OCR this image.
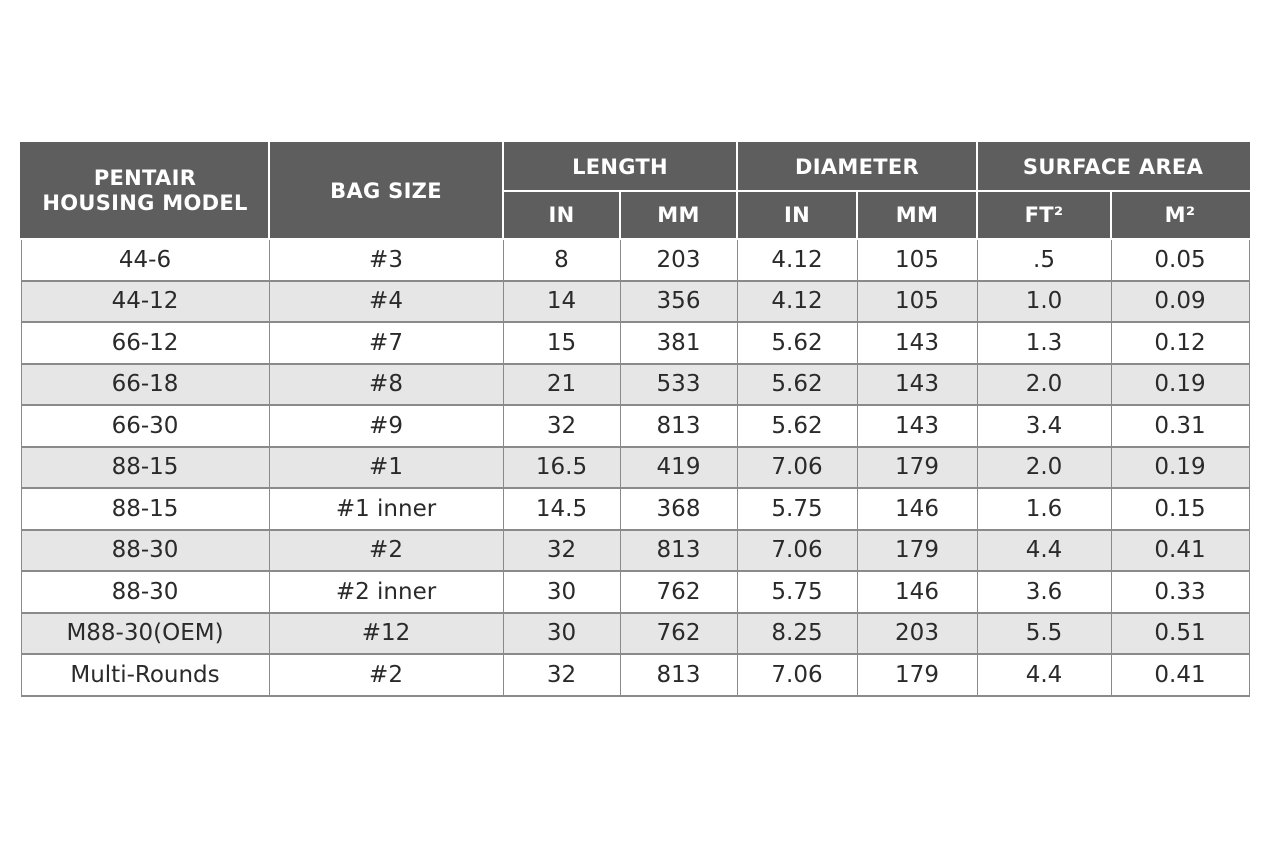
PENTAIR
HOUSING MODEL	BAG SIZE	LENGTH		DIAMETER		SURFACE AREA	
		IN	MM	IN	MM	FT²	M²
44-6	#3	8	203	4.12	105	.5	0.05
44-12	#4	14	356	4.12	105	1.0	0.09
66-12	#7	15	381	5.62	143	1.3	0.12
66-18	#8	21	533	5.62	143	2.0	0.19
66-30	#9	32	813	5.62	143	3.4	0.31
88-15	#1	16.5	419	7.06	179	2.0	0.19
88-15	#1 inner	14.5	368	5.75	146	1.6	0.15
88-30	#2	32	813	7.06	179	4.4	0.41
88-30	#2 inner	30	762	5.75	146	3.6	0.33
M88-30(OEM)	#12	30	762	8.25	203	5.5	0.51
Multi-Rounds	#2	32	813	7.06	179	4.4	0.41
